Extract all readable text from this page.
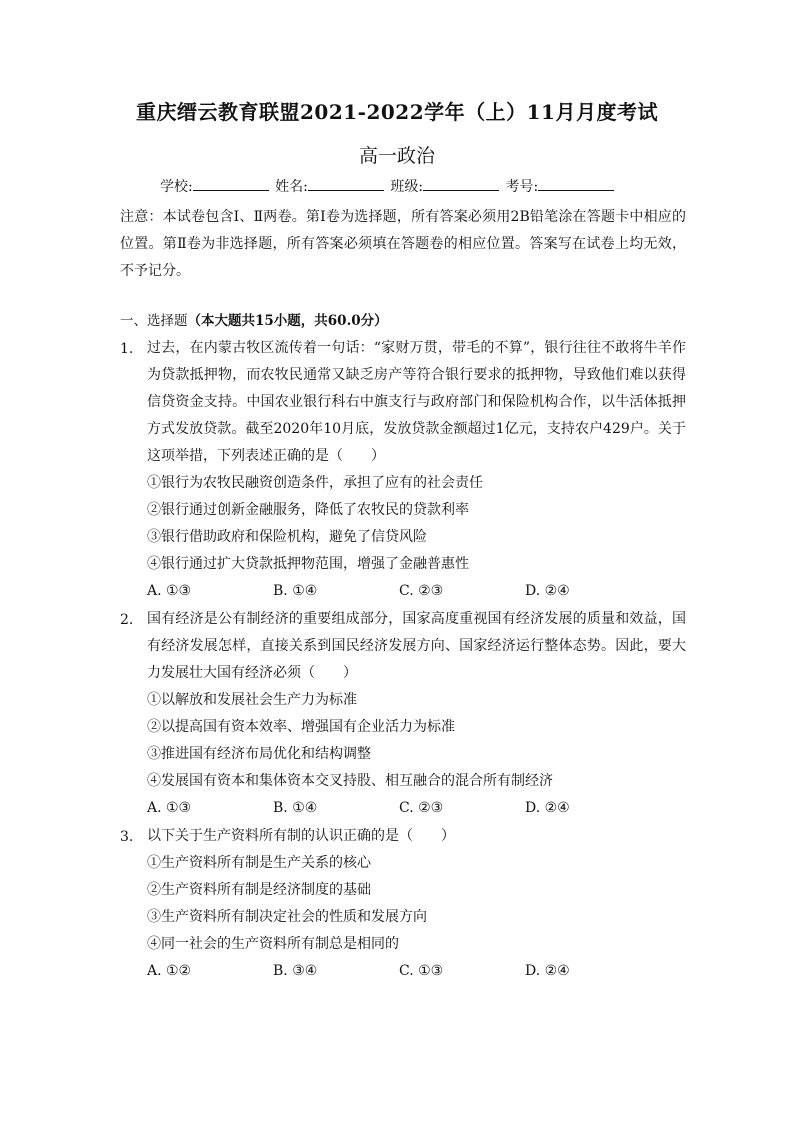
重庆缙云教育联盟2021-2022学年（上）11月月度考试
高一政治
学校:	姓名:	班级:	考号:
注意：本试卷包含Ⅰ、Ⅱ两卷。第Ⅰ卷为选择题，所有答案必须用2B铅笔涂在答题卡中相应的位置。第Ⅱ卷为非选择题，所有答案必须填在答题卷的相应位置。答案写在试卷上均无效，不予记分。
一、选择题（本大题共15小题，共60.0分）
1. 过去，在内蒙古牧区流传着一句话：“家财万贯，带毛的不算”，银行往往不敢将牛羊作为贷款抵押物，而农牧民通常又缺乏房产等符合银行要求的抵押物，导致他们难以获得信贷资金支持。中国农业银行科右中旗支行与政府部门和保险机构合作，以牛活体抵押方式发放贷款。截至2020年10月底，发放贷款金额超过1亿元，支持农户429户。关于这项举措，下列表述正确的是（　　）
①银行为农牧民融资创造条件，承担了应有的社会责任
②银行通过创新金融服务，降低了农牧民的贷款利率
③银行借助政府和保险机构，避免了信贷风险
④银行通过扩大贷款抵押物范围，增强了金融普惠性
A. ①③	B. ①④	C. ②③	D. ②④
2. 国有经济是公有制经济的重要组成部分，国家高度重视国有经济发展的质量和效益，国有经济发展怎样，直接关系到国民经济发展方向、国家经济运行整体态势。因此，要大力发展壮大国有经济必须（　　）
①以解放和发展社会生产力为标准
②以提高国有资本效率、增强国有企业活力为标准
③推进国有经济布局优化和结构调整
④发展国有资本和集体资本交叉持股、相互融合的混合所有制经济
A. ①③	B. ①④	C. ②③	D. ②④
3. 以下关于生产资料所有制的认识正确的是（　　）
①生产资料所有制是生产关系的核心
②生产资料所有制是经济制度的基础
③生产资料所有制决定社会的性质和发展方向
④同一社会的生产资料所有制总是相同的
A. ①②	B. ③④	C. ①③	D. ②④
